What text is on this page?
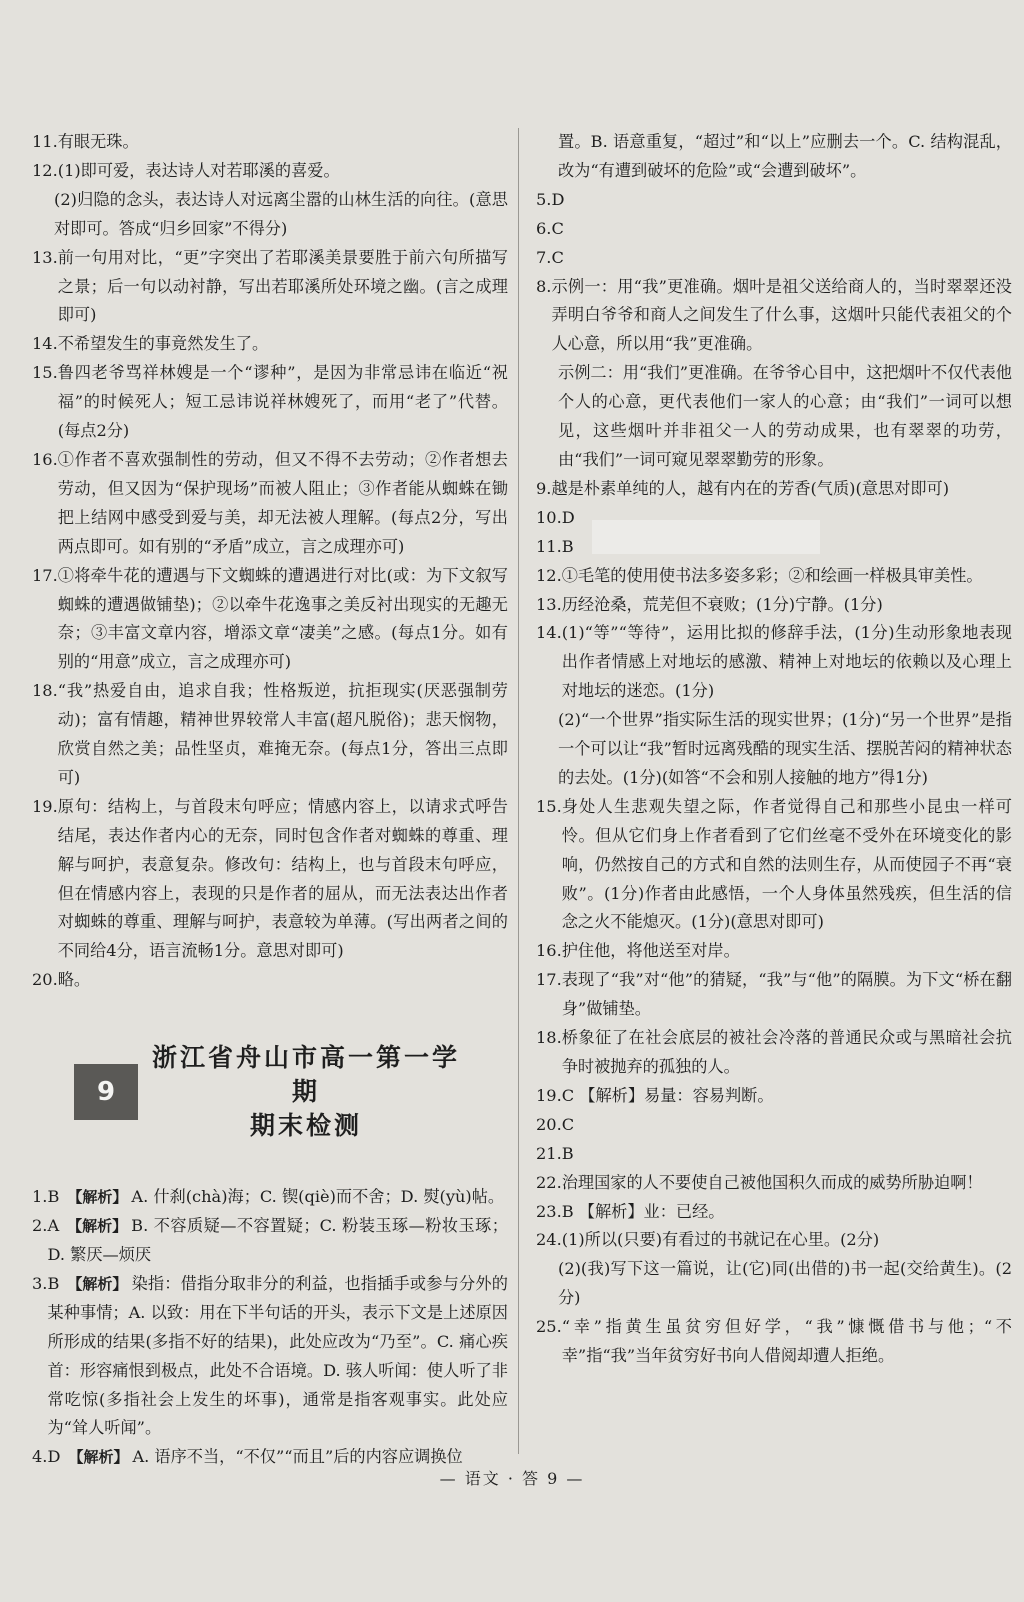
11. 有眼无珠。
12. (1)即可爱，表达诗人对若耶溪的喜爱。
(2)归隐的念头，表达诗人对远离尘嚣的山林生活的向往。(意思对即可。答成“归乡回家”不得分)
13. 前一句用对比，“更”字突出了若耶溪美景要胜于前六句所描写之景；后一句以动衬静，写出若耶溪所处环境之幽。(言之成理即可)
14. 不希望发生的事竟然发生了。
15. 鲁四老爷骂祥林嫂是一个“谬种”，是因为非常忌讳在临近“祝福”的时候死人；短工忌讳说祥林嫂死了，而用“老了”代替。(每点2分)
16. ①作者不喜欢强制性的劳动，但又不得不去劳动；②作者想去劳动，但又因为“保护现场”而被人阻止；③作者能从蜘蛛在锄把上结网中感受到爱与美，却无法被人理解。(每点2分，写出两点即可。如有别的“矛盾”成立，言之成理亦可)
17. ①将牵牛花的遭遇与下文蜘蛛的遭遇进行对比(或：为下文叙写蜘蛛的遭遇做铺垫)；②以牵牛花逸事之美反衬出现实的无趣无奈；③丰富文章内容，增添文章“凄美”之感。(每点1分。如有别的“用意”成立，言之成理亦可)
18. “我”热爱自由，追求自我；性格叛逆，抗拒现实(厌恶强制劳动)；富有情趣，精神世界较常人丰富(超凡脱俗)；悲天悯物，欣赏自然之美；品性坚贞，难掩无奈。(每点1分，答出三点即可)
19. 原句：结构上，与首段末句呼应；情感内容上，以请求式呼告结尾，表达作者内心的无奈，同时包含作者对蜘蛛的尊重、理解与呵护，表意复杂。修改句：结构上，也与首段末句呼应，但在情感内容上，表现的只是作者的屈从，而无法表达出作者对蜘蛛的尊重、理解与呵护，表意较为单薄。(写出两者之间的不同给4分，语言流畅1分。意思对即可)
20. 略。
9
浙江省舟山市高一第一学期
期末检测
1. B 【解析】 A. 什刹(chà)海；C. 锲(qiè)而不舍；D. 熨(yù)帖。
2. A 【解析】 B. 不容质疑—不容置疑；C. 粉装玉琢—粉妆玉琢；D. 繁厌—烦厌
3. B 【解析】 染指：借指分取非分的利益，也指插手或参与分外的某种事情；A. 以致：用在下半句话的开头，表示下文是上述原因所形成的结果(多指不好的结果)，此处应改为“乃至”。C. 痛心疾首：形容痛恨到极点，此处不合语境。D. 骇人听闻：使人听了非常吃惊(多指社会上发生的坏事)，通常是指客观事实。此处应为“耸人听闻”。
4. D 【解析】 A. 语序不当，“不仅”“而且”后的内容应调换位
置。B. 语意重复，“超过”和“以上”应删去一个。C. 结构混乱，改为“有遭到破坏的危险”或“会遭到破坏”。
5. D
6. C
7. C
8. 示例一：用“我”更准确。烟叶是祖父送给商人的，当时翠翠还没弄明白爷爷和商人之间发生了什么事，这烟叶只能代表祖父的个人心意，所以用“我”更准确。
示例二：用“我们”更准确。在爷爷心目中，这把烟叶不仅代表他个人的心意，更代表他们一家人的心意；由“我们”一词可以想见，这些烟叶并非祖父一人的劳动成果，也有翠翠的功劳，由“我们”一词可窥见翠翠勤劳的形象。
9. 越是朴素单纯的人，越有内在的芳香(气质)(意思对即可)
10. D
11. B
12. ①毛笔的使用使书法多姿多彩；②和绘画一样极具审美性。
13. 历经沧桑，荒芜但不衰败；(1分)宁静。(1分)
14. (1)“等”“等待”，运用比拟的修辞手法，(1分)生动形象地表现出作者情感上对地坛的感激、精神上对地坛的依赖以及心理上对地坛的迷恋。(1分)
(2)“一个世界”指实际生活的现实世界；(1分)“另一个世界”是指一个可以让“我”暂时远离残酷的现实生活、摆脱苦闷的精神状态的去处。(1分)(如答“不会和别人接触的地方”得1分)
15. 身处人生悲观失望之际，作者觉得自己和那些小昆虫一样可怜。但从它们身上作者看到了它们丝毫不受外在环境变化的影响，仍然按自己的方式和自然的法则生存，从而使园子不再“衰败”。(1分)作者由此感悟，一个人身体虽然残疾，但生活的信念之火不能熄灭。(1分)(意思对即可)
16. 护住他，将他送至对岸。
17. 表现了“我”对“他”的猜疑，“我”与“他”的隔膜。为下文“桥在翻身”做铺垫。
18. 桥象征了在社会底层的被社会冷落的普通民众或与黑暗社会抗争时被抛弃的孤独的人。
19. C 【解析】易量：容易判断。
20. C
21. B
22. 治理国家的人不要使自己被他国积久而成的威势所胁迫啊！
23. B 【解析】业：已经。
24. (1)所以(只要)有看过的书就记在心里。(2分)
(2)(我)写下这一篇说，让(它)同(出借的)书一起(交给黄生)。(2分)
25. “幸”指黄生虽贫穷但好学，“我”慷慨借书与他；“不幸”指“我”当年贫穷好书向人借阅却遭人拒绝。
— 语文 · 答 9 —
